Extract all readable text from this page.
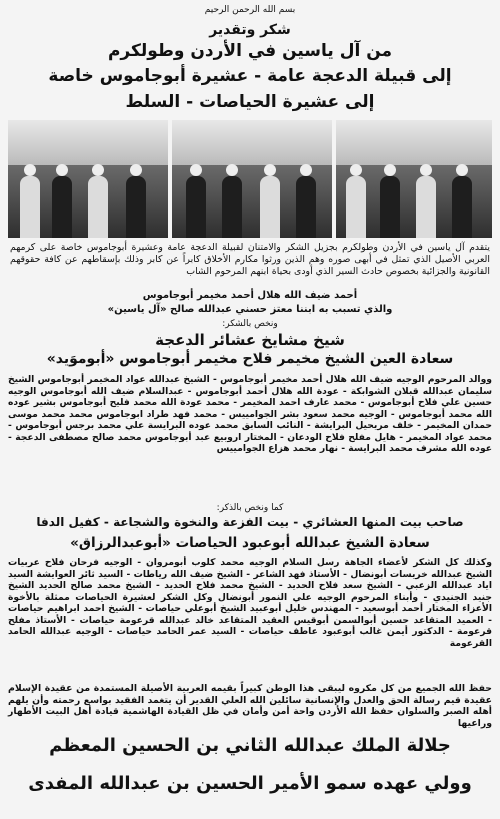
بسم الله الرحمن الرحيم
شكر وتقدير
من آل ياسين في الأردن وطولكرم
إلى قبيلة الدعجة عامة - عشيرة أبوجاموس خاصة
إلى عشيرة الحياصات - السلط
يتقدم آل ياسين في الأردن وطولكرم بجزيل الشكر والامتنان لقبيلة الدعجة عامة وعشيرة أبوجاموس خاصة على كرمهم العربي الأصيل الذي تمثل في أبهى صوره وهم الذين ورثوا مكارم الأخلاق كابراً عن كابر وذلك بإسقاطهم عن كافة حقوقهم القانونية والجزائية بخصوص حادث السير الذي أودى بحياة ابنهم المرحوم الشاب
أحمد ضيف الله هلال أحمد مخيمر أبوجاموس
والذي تسبب به ابننا معتز حسني عبدالله صالح «آل ياسين»
ونخص بالشكر:
شيخ مشايخ عشائر الدعجة
سعادة العين الشيخ مخيمر فلاح مخيمر أبوجاموس «أبوموَيد»
ووالد المرحوم الوجيه ضيف الله هلال أحمد مخيمر أبوجاموس - الشيخ عبدالله عواد المخيمر أبوجاموس الشيخ سليمان عبدالله قبلان الشوابكة - عودة الله هلال أحمد أبوجاموس - عبدالسلام ضيف الله أبوجاموس الوجيه حسين علي فلاح أبوجاموس - محمد عارف احمد المخيمر - محمد عودة الله محمد فليح أبوجاموس بشير عوده الله محمد أبوجاموس - الوجيه محمد سعود بشر الجوامييس - محمد فهد طراد ابوجاموس محمد محمد موسى حمدان المخيمر - خلف مريحيل البرايشة - النائب السابق محمد عوده البرايسة علي محمد برجس أبوجاموس - محمد عواد المخيمر - هايل مفلح فلاح الودعان - المختار اروبيع عبد أبوجاموس محمد صالح مصطفى الدعجة - عوده الله مشرف محمد البرايسة - نهار محمد هزاع الجوامييس
كما ونخص بالذكر:
صاحب بيت المنها العشائري - بيت الفزعة والنخوة والشجاعة - كفيل الدفا
سعادة الشيخ عبدالله أبوعبود الحياصات «أبوعبدالرزاق»
وكذلك كل الشكر لأعضاء الجاهة رسل السلام الوجيه محمد كلوب أبومروان - الوجيه فرحان فلاح عربيات الشيخ عبدالله خريسات أبونضال - الأستاذ فهد الشاعر - الشيخ ضيف الله رياطات - السيد ثائر العوايشة السيد اياد عبدالله الزعبي - الشيخ سعد فلاح الحديد - الشيخ محمد فلاح الحديد - الشيخ محمد صالح الحديد الشيخ جنيد الجنيدي - وأبناء المرحوم الوجيه علي النمور أبونضال وكل الشكر لعشيرة الحياصات ممثلة بالأخوة الأعزاء المختار أحمد أبوسعيد - المهندس خليل أبوعبيد الشيخ أبوعلي حياصات - الشيخ احمد ابراهيم حياصات - العميد المتقاعد حسين أبوالسمن أبوقيس العقيد المتقاعد خالد عبدالله قرعومة حياصات - الأستاذ مفلح قرعومة - الدكتور أيمن غالب أبوعبود عاطف حياصات - السيد عمر الحامد حياصات - الوجيه عبدالله الحامد القرعومة
حفظ الله الجميع من كل مكروه ليبقى هذا الوطن كبيراً بقيمه العربية الأصيلة المستمدة من عقيدة الإسلام عقيدة قيم رسالة الحق والعدل والإنسانية سائلين الله العلي القدير أن يتغمد الفقيد بواسع رحمته وأن يلهم أهله الصبر والسلوان حفظ الله الأردن واحة أمن وأمان في ظل القيادة الهاشمية قيادة أهل البيت الأطهار وراعيها
جلالة الملك عبدالله الثاني بن الحسين المعظم
وولي عهده سمو الأمير الحسين بن عبدالله المفدى
